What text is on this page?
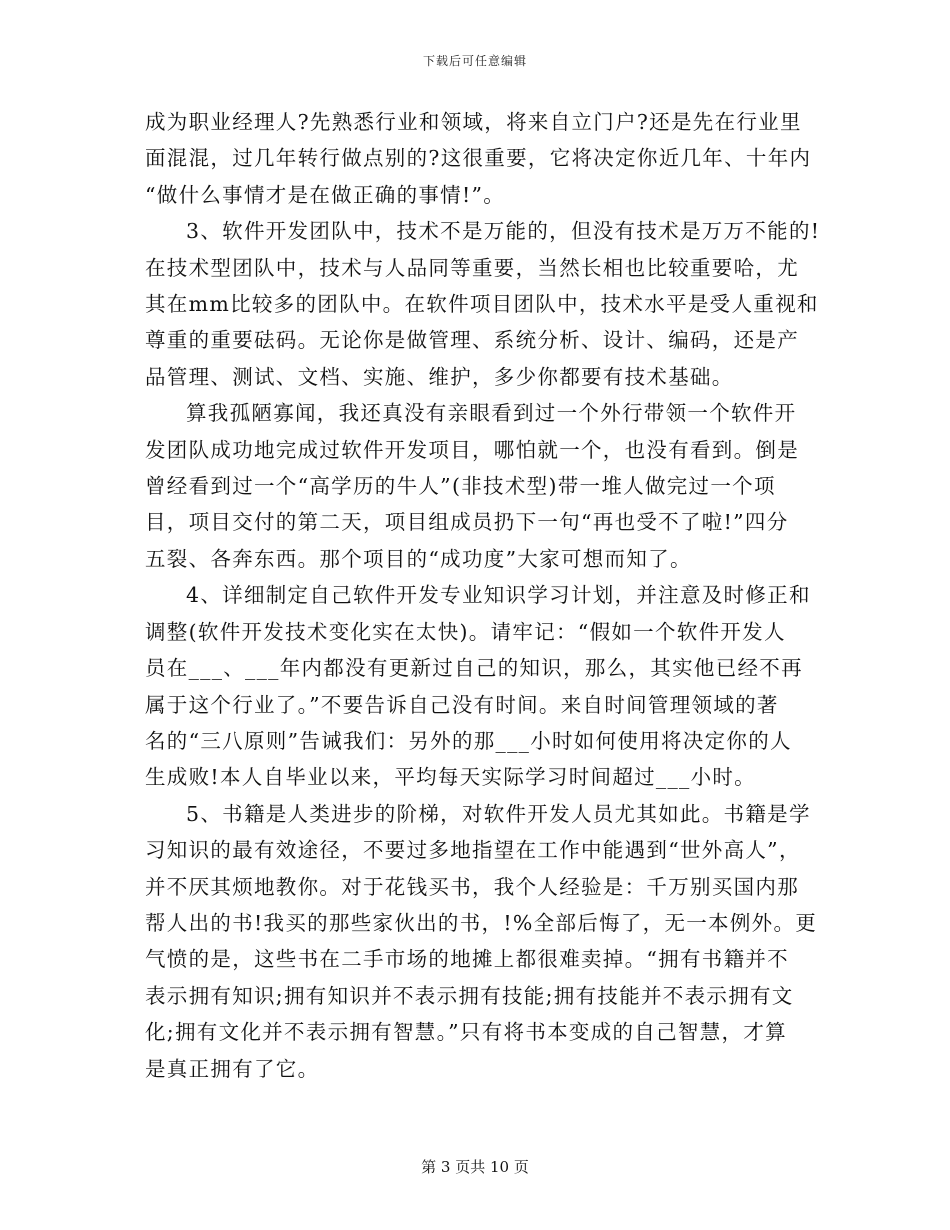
下载后可任意编辑
成为职业经理人?先熟悉行业和领域，将来自立门户?还是先在行业里
面混混，过几年转行做点别的?这很重要，它将决定你近几年、十年内
“做什么事情才是在做正确的事情!”。
3、软件开发团队中，技术不是万能的，但没有技术是万万不能的!
在技术型团队中，技术与人品同等重要，当然长相也比较重要哈，尤
其在mm比较多的团队中。在软件项目团队中，技术水平是受人重视和
尊重的重要砝码。无论你是做管理、系统分析、设计、编码，还是产
品管理、测试、文档、实施、维护，多少你都要有技术基础。
算我孤陋寡闻，我还真没有亲眼看到过一个外行带领一个软件开
发团队成功地完成过软件开发项目，哪怕就一个，也没有看到。倒是
曾经看到过一个“高学历的牛人”(非技术型)带一堆人做完过一个项
目，项目交付的第二天，项目组成员扔下一句“再也受不了啦!”四分
五裂、各奔东西。那个项目的“成功度”大家可想而知了。
4、详细制定自己软件开发专业知识学习计划，并注意及时修正和
调整(软件开发技术变化实在太快)。请牢记：“假如一个软件开发人
员在___、___年内都没有更新过自己的知识，那么，其实他已经不再
属于这个行业了。”不要告诉自己没有时间。来自时间管理领域的著
名的“三八原则”告诫我们：另外的那___小时如何使用将决定你的人
生成败!本人自毕业以来，平均每天实际学习时间超过___小时。
5、书籍是人类进步的阶梯，对软件开发人员尤其如此。书籍是学
习知识的最有效途径，不要过多地指望在工作中能遇到“世外高人”，
并不厌其烦地教你。对于花钱买书，我个人经验是：千万别买国内那
帮人出的书!我买的那些家伙出的书，!%全部后悔了，无一本例外。更
气愤的是，这些书在二手市场的地摊上都很难卖掉。“拥有书籍并不
表示拥有知识;拥有知识并不表示拥有技能;拥有技能并不表示拥有文
化;拥有文化并不表示拥有智慧。”只有将书本变成的自己智慧，才算
是真正拥有了它。
第 3 页共 10 页
